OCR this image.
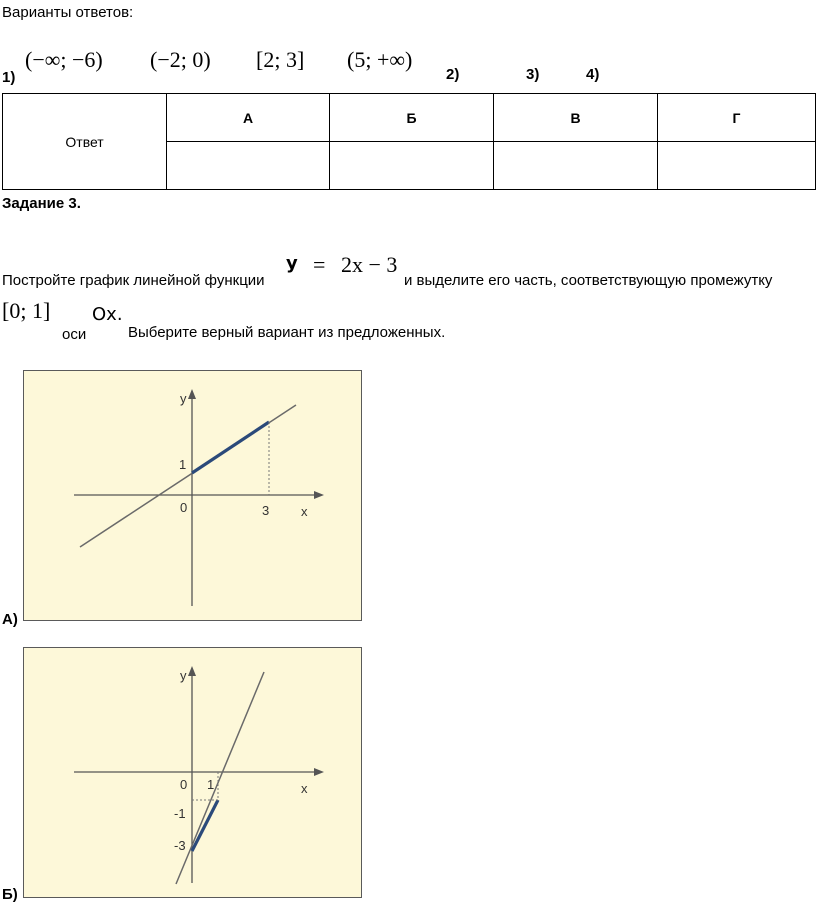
Варианты ответов:
(−∞; −6) (−2; 0) [2; 3] (5; +∞)
1)	2)	3)	4)
Ответ	А	Б	В	Г

Задание 3.
Постройте график линейной функции
у = 2х − 3
и выделите его часть, соответствующую промежутку
[0; 1]
оси
Ох.
Выберите верный вариант из предложенных.
y
x
0	3
1
А)
y
x
0 1
-1
-3
Б)
